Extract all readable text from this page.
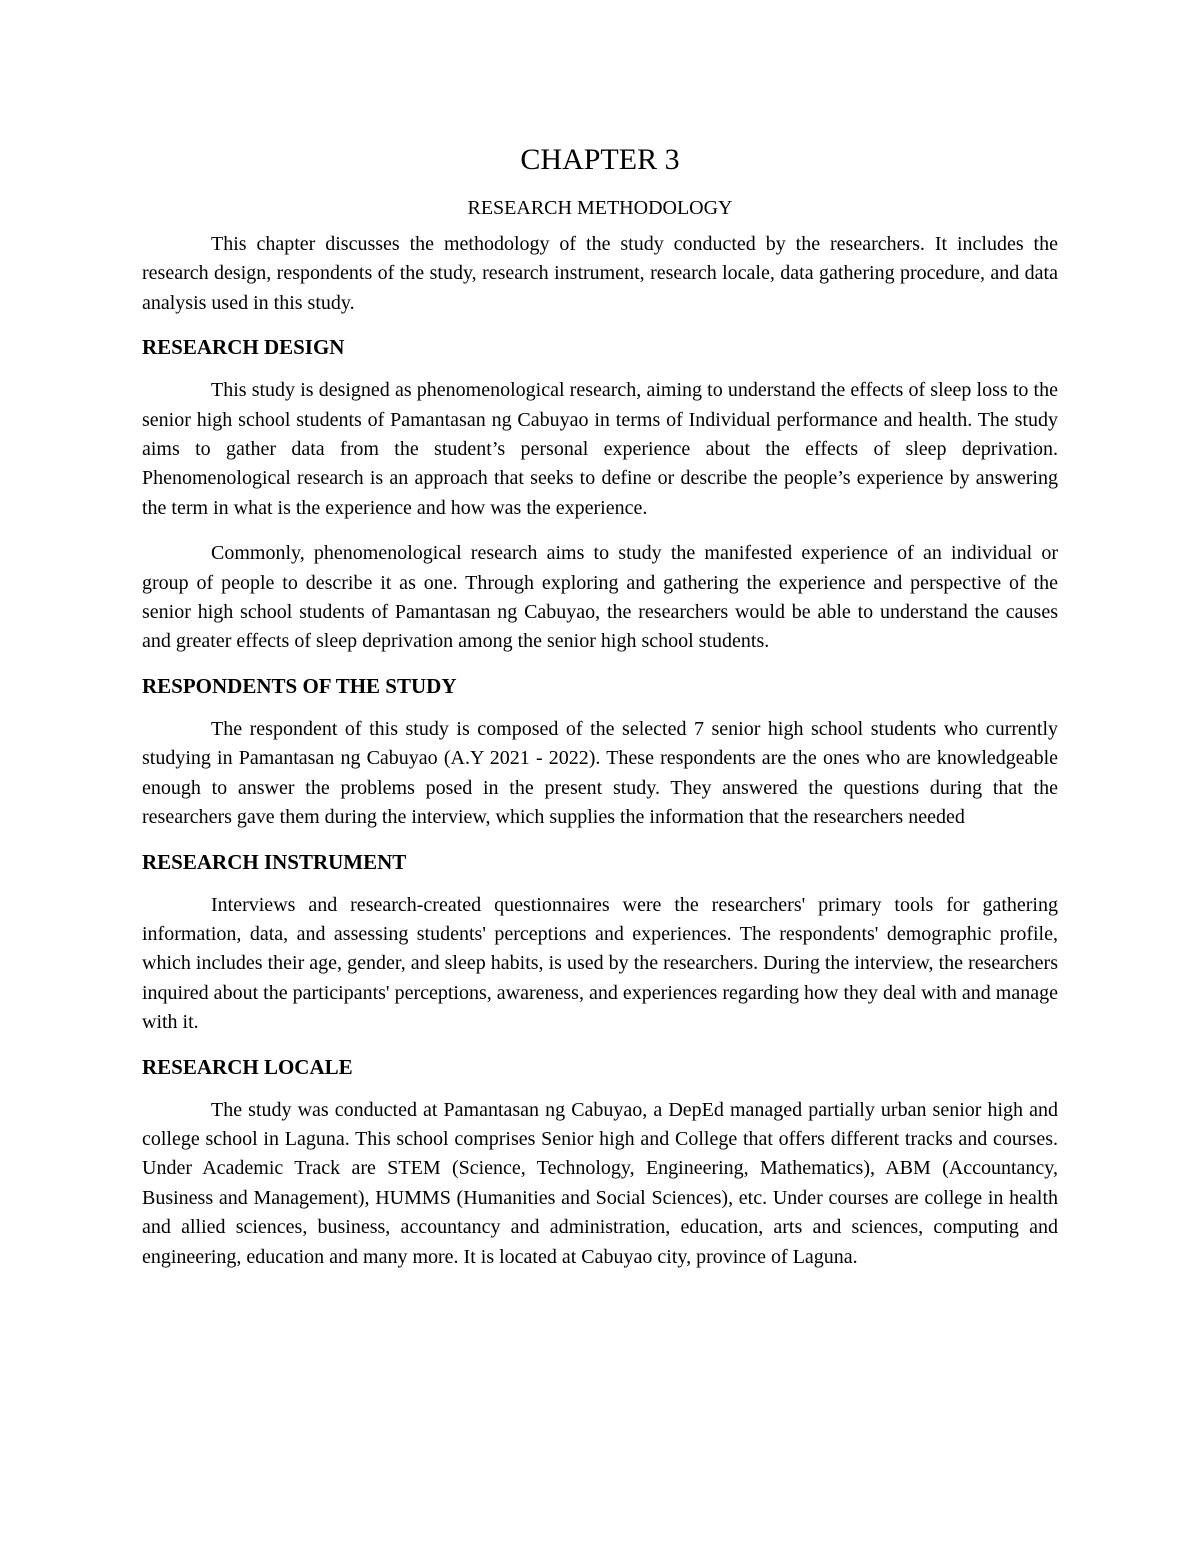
CHAPTER 3
RESEARCH METHODOLOGY

This chapter discusses the methodology of the study conducted by the researchers. It includes the research design, respondents of the study, research instrument, research locale, data gathering procedure, and data analysis used in this study.

RESEARCH DESIGN

This study is designed as phenomenological research, aiming to understand the effects of sleep loss to the senior high school students of Pamantasan ng Cabuyao in terms of Individual performance and health. The study aims to gather data from the student’s personal experience about the effects of sleep deprivation. Phenomenological research is an approach that seeks to define or describe the people’s experience by answering the term in what is the experience and how was the experience.

Commonly, phenomenological research aims to study the manifested experience of an individual or group of people to describe it as one. Through exploring and gathering the experience and perspective of the senior high school students of Pamantasan ng Cabuyao, the researchers would be able to understand the causes and greater effects of sleep deprivation among the senior high school students.

RESPONDENTS OF THE STUDY

The respondent of this study is composed of the selected 7 senior high school students who currently studying in Pamantasan ng Cabuyao (A.Y 2021 - 2022). These respondents are the ones who are knowledgeable enough to answer the problems posed in the present study. They answered the questions during that the researchers gave them during the interview, which supplies the information that the researchers needed

RESEARCH INSTRUMENT

Interviews and research-created questionnaires were the researchers' primary tools for gathering information, data, and assessing students' perceptions and experiences. The respondents' demographic profile, which includes their age, gender, and sleep habits, is used by the researchers. During the interview, the researchers inquired about the participants' perceptions, awareness, and experiences regarding how they deal with and manage with it.

RESEARCH LOCALE

The study was conducted at Pamantasan ng Cabuyao, a DepEd managed partially urban senior high and college school in Laguna. This school comprises Senior high and College that offers different tracks and courses. Under Academic Track are STEM (Science, Technology, Engineering, Mathematics), ABM (Accountancy, Business and Management), HUMMS (Humanities and Social Sciences), etc. Under courses are college in health and allied sciences, business, accountancy and administration, education, arts and sciences, computing and engineering, education and many more. It is located at Cabuyao city, province of Laguna.
